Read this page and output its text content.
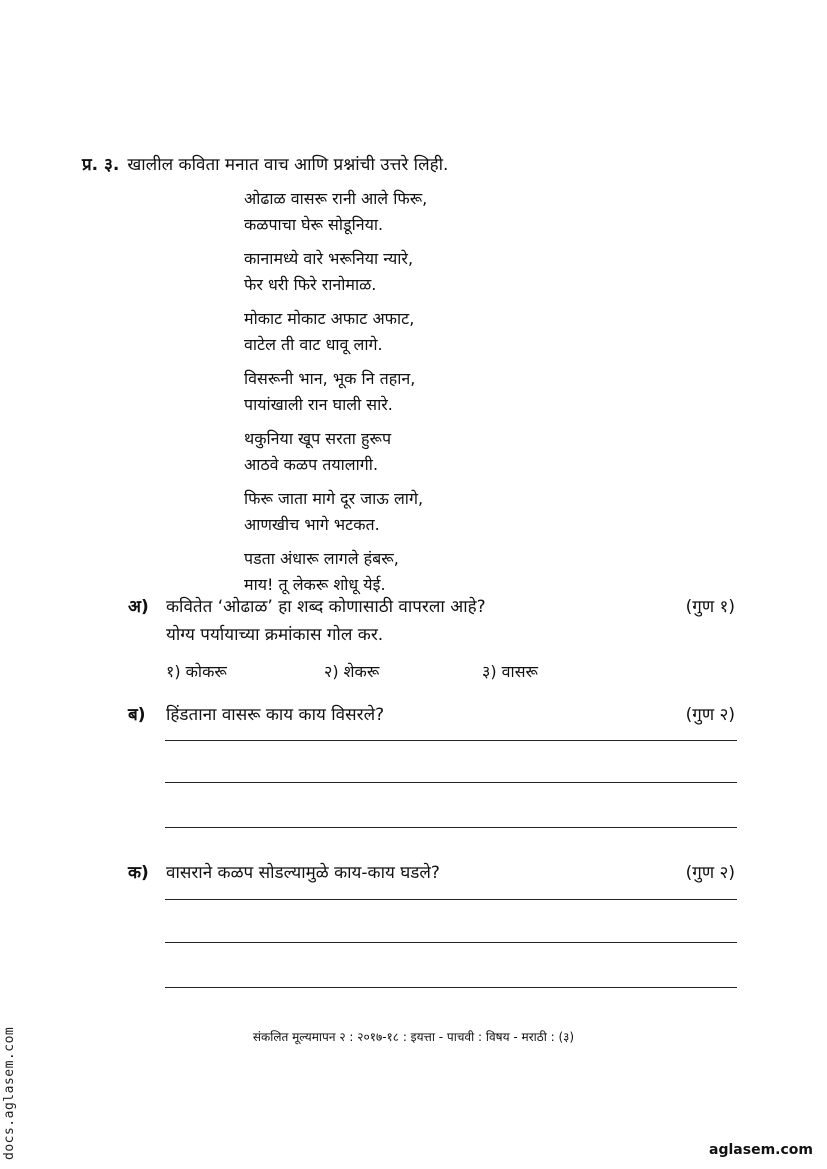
प्र. ३. खालील कविता मनात वाच आणि प्रश्नांची उत्तरे लिही.
ओढाळ वासरू रानी आले फिरू,
कळपाचा घेरू सोडूनिया.
कानामध्ये वारे भरूनिया न्यारे,
फेर धरी फिरे रानोमाळ.
मोकाट मोकाट अफाट अफाट,
वाटेल ती वाट धावू लागे.
विसरूनी भान, भूक नि तहान,
पायांखाली रान घाली सारे.
थकुनिया खूप सरता हुरूप
आठवे कळप तयालागी.
फिरू जाता मागे दूर जाऊ लागे,
आणखीच भागे भटकत.
पडता अंधारू लागले हंबरू,
माय! तू लेकरू शोधू येई.
अ) कवितेत ‘ओढाळ’ हा शब्द कोणासाठी वापरला आहे?
योग्य पर्यायाच्या क्रमांकास गोल कर.
(गुण १)
१) कोकरू	२) शेकरू	३) वासरू
ब) हिंडताना वासरू काय काय विसरले?	(गुण २)
क) वासराने कळप सोडल्यामुळे काय-काय घडले?	(गुण २)
संकलित मूल्यमापन २ : २०१७-१८ : इयत्ता - पाचवी : विषय - मराठी : (३)
docs.aglasem.com	aglasem.com
